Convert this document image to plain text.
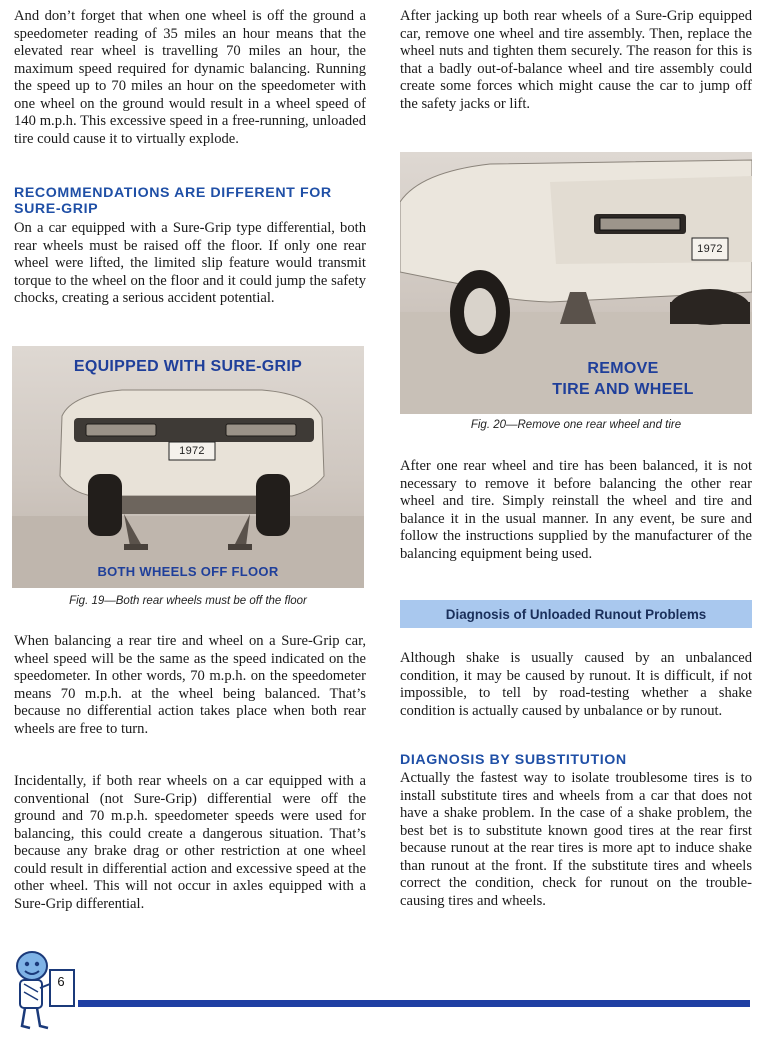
And don’t forget that when one wheel is off the ground a speedometer reading of 35 miles an hour means that the elevated rear wheel is travelling 70 miles an hour, the maximum speed required for dynamic balancing. Running the speed up to 70 miles an hour on the speedometer with one wheel on the ground would result in a wheel speed of 140 m.p.h. This excessive speed in a free-running, unloaded tire could cause it to virtually explode.

RECOMMENDATIONS ARE DIFFERENT FOR
SURE-GRIP

On a car equipped with a Sure-Grip type differential, both rear wheels must be raised off the floor. If only one rear wheel were lifted, the limited slip feature would transmit torque to the wheel on the floor and it could jump the safety chocks, creating a serious accident potential.

EQUIPPED WITH SURE-GRIP

1972

BOTH WHEELS OFF FLOOR

Fig. 19—Both rear wheels must be off the floor

When balancing a rear tire and wheel on a Sure-Grip car, wheel speed will be the same as the speed indicated on the speedometer. In other words, 70 m.p.h. on the speedometer means 70 m.p.h. at the wheel being balanced. That’s because no differential action takes place when both rear wheels are free to turn.

Incidentally, if both rear wheels on a car equipped with a conventional (not Sure-Grip) differential were off the ground and 70 m.p.h. speedometer speeds were used for balancing, this could create a dangerous situation. That’s because any brake drag or other restriction at one wheel could result in differential action and excessive speed at the other wheel. This will not occur in axles equipped with a Sure-Grip differential.

After jacking up both rear wheels of a Sure-Grip equipped car, remove one wheel and tire assembly. Then, replace the wheel nuts and tighten them securely. The reason for this is that a badly out-of-balance wheel and tire assembly could create some forces which might cause the car to jump off the safety jacks or lift.

1972

REMOVE
TIRE AND WHEEL

Fig. 20—Remove one rear wheel and tire

After one rear wheel and tire has been balanced, it is not necessary to remove it before balancing the other rear wheel and tire. Simply reinstall the wheel and tire and balance it in the usual manner. In any event, be sure and follow the instructions supplied by the manufacturer of the balancing equipment being used.

Diagnosis of Unloaded Runout Problems

Although shake is usually caused by an unbalanced condition, it may be caused by runout. It is difficult, if not impossible, to tell by road-testing whether a shake condition is actually caused by unbalance or by runout.

DIAGNOSIS BY SUBSTITUTION

Actually the fastest way to isolate troublesome tires is to install substitute tires and wheels from a car that does not have a shake problem. In the case of a shake problem, the best bet is to substitute known good tires at the rear first because runout at the rear tires is more apt to induce shake than runout at the front. If the substitute tires and wheels correct the condition, check for runout on the trouble-causing tires and wheels.

6
